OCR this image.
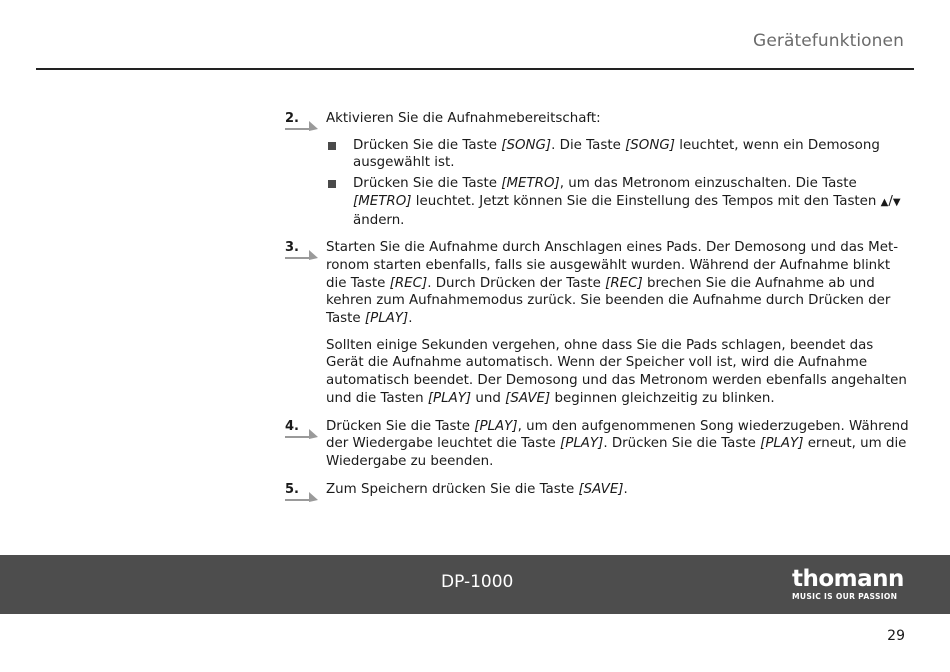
Gerätefunktionen
2.	Aktivieren Sie die Aufnahmebereitschaft:

Drücken Sie die Taste [SONG]. Die Taste [SONG] leuchtet, wenn ein Demosong ausgewählt ist.
Drücken Sie die Taste [METRO], um das Metronom einzuschalten. Die Taste [METRO] leuchtet. Jetzt können Sie die Einstellung des Tempos mit den Tasten ▲/▼ ändern.
3.	Starten Sie die Aufnahme durch Anschlagen eines Pads. Der Demosong und das Metronom starten ebenfalls, falls sie ausgewählt wurden. Während der Aufnahme blinkt die Taste [REC]. Durch Drücken der Taste [REC] brechen Sie die Aufnahme ab und kehren zum Aufnahmemodus zurück. Sie beenden die Aufnahme durch Drücken der Taste [PLAY].

Sollten einige Sekunden vergehen, ohne dass Sie die Pads schlagen, beendet das Gerät die Aufnahme automatisch. Wenn der Speicher voll ist, wird die Aufnahme automatisch beendet. Der Demosong und das Metronom werden ebenfalls angehalten und die Tasten [PLAY] und [SAVE] beginnen gleichzeitig zu blinken.

4.	Drücken Sie die Taste [PLAY], um den aufgenommenen Song wiederzugeben. Während der Wiedergabe leuchtet die Taste [PLAY]. Drücken Sie die Taste [PLAY] erneut, um die Wiedergabe zu beenden.

5.	Zum Speichern drücken Sie die Taste [SAVE].

DP-1000	thomann
MUSIC IS OUR PASSION
29
